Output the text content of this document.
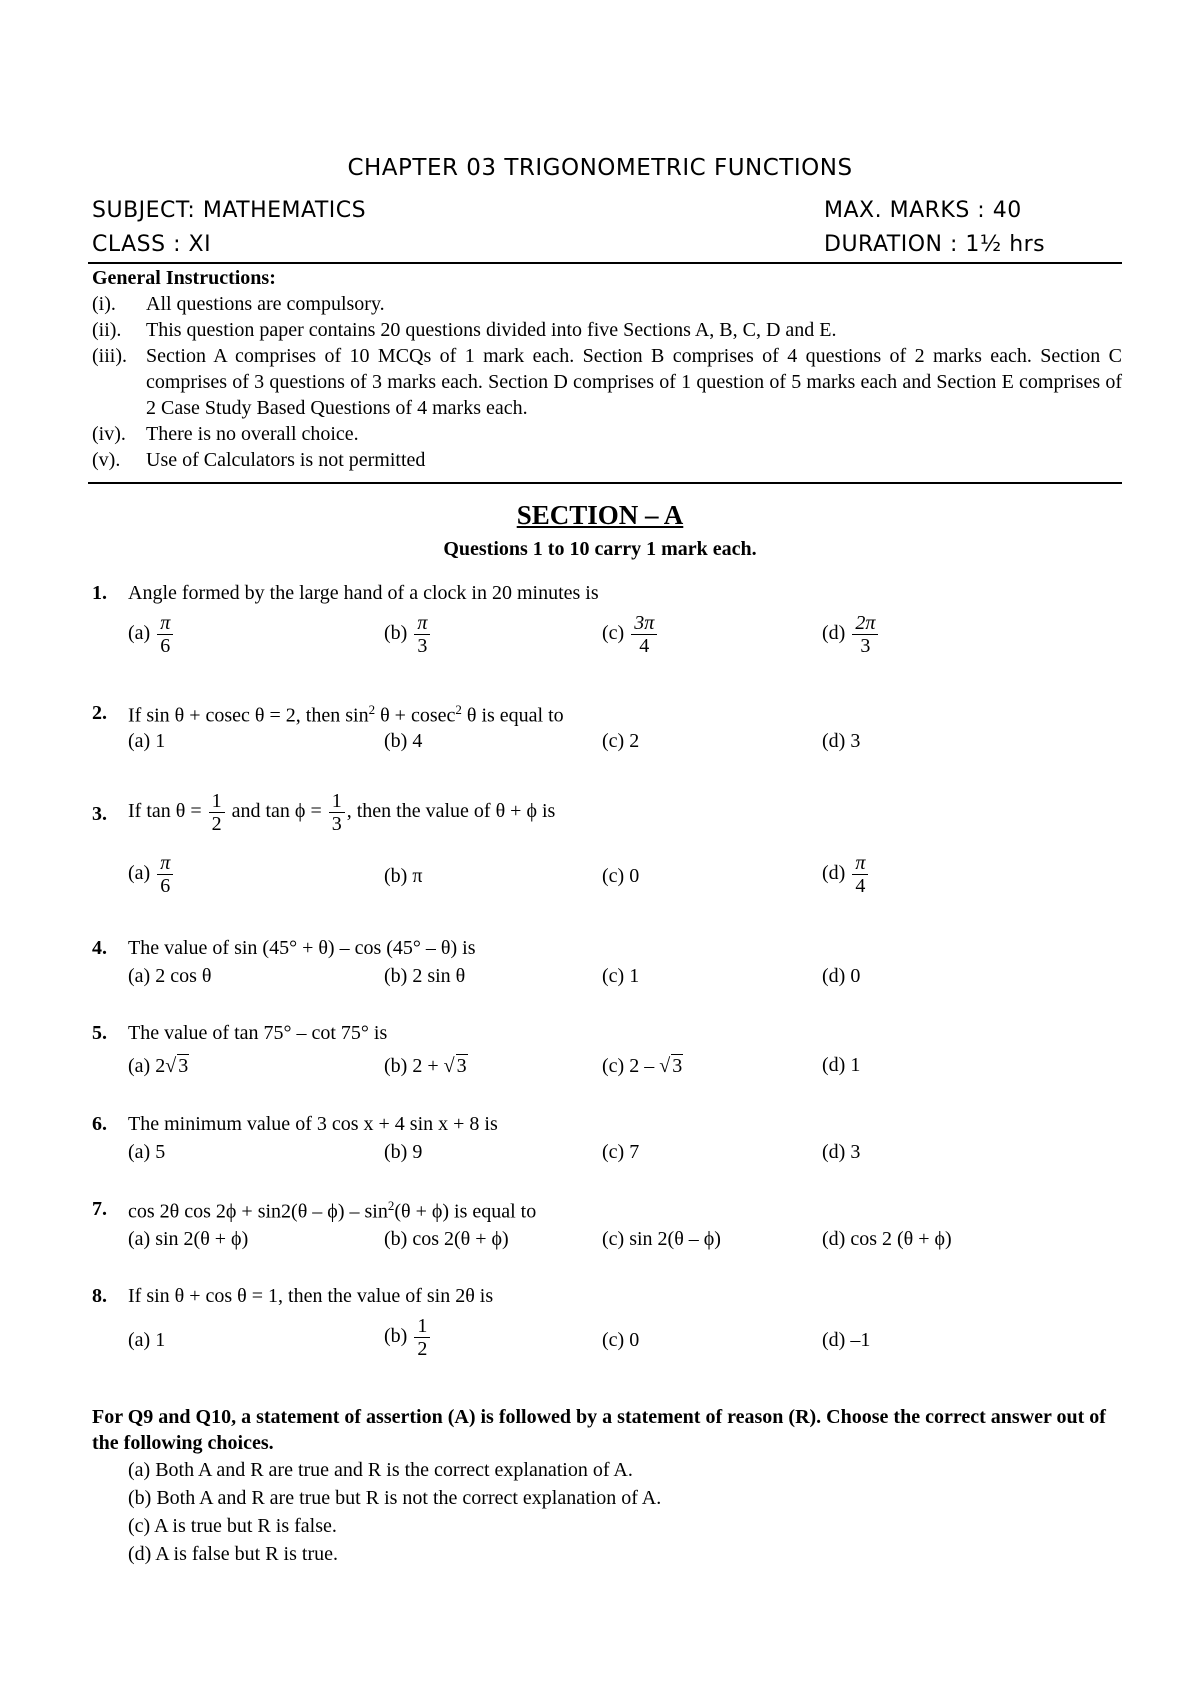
CHAPTER 03 TRIGONOMETRIC FUNCTIONS
SUBJECT: MATHEMATICS	MAX. MARKS : 40
CLASS : XI	DURATION : 1½ hrs
General Instructions:
(i).	All questions are compulsory.
(ii).	This question paper contains 20 questions divided into five Sections A, B, C, D and E.
(iii). Section A comprises of 10 MCQs of 1 mark each. Section B comprises of 4 questions of 2 marks each. Section C comprises of 3 questions of 3 marks each. Section D comprises of 1 question of 5 marks each and Section E comprises of 2 Case Study Based Questions of 4 marks each.
(iv).	There is no overall choice.
(v).	Use of Calculators is not permitted
SECTION – A
Questions 1 to 10 carry 1 mark each.
1. Angle formed by the large hand of a clock in 20 minutes is
$(a) \frac{\pi}{6}$	$(b) \frac{\pi}{3}$	$(c) \frac{3\pi}{4}$	$(d) \frac{2\pi}{3}$
2. If sin θ + cosec θ = 2, then $\sin^2 \theta + cosec^2$ θ is equal to
(a) 1	(b) 4	(c) 2	(d) 3
3. If $\tan \theta = \frac{1}{2}$ and $\tan \phi = \frac{1}{3}$ , then the value of θ + ϕ is
$(a) \frac{\pi}{6}$	(b) π	(c) 0	$(d) \frac{\pi}{4}$
4. The value of sin (45° + θ) – cos (45° – θ) is
(a) 2 cos θ	(b) 2 sin θ	(c) 1	(d) 0
5. The value of tan 75° – cot 75° is
(a) 2√ 3	(b) 2 + √ 3	(c) 2 – √ 3	(d) 1
6. The minimum value of 3 cos x + 4 sin x + 8 is
(a) 5	(b) 9	(c) 7	(d) 3
7. cos 2θ $\cos 2\phi + \sin 2(\theta - \phi) - \sin^2(\theta + \phi)$ is equal to
(a) sin 2(θ + ϕ)	(b) cos 2(θ + ϕ)	(c) sin 2(θ – ϕ)	(d) cos 2 (θ + ϕ)
8. If sin θ + cos θ = 1, then the value of sin 2θ is
(a) 1	$(b) \frac{1}{2}$	(c) 0	(d) –1
For Q9 and Q10, a statement of assertion (A) is followed by a statement of reason (R). Choose the correct answer out of the following choices.
(a) Both A and R are true and R is the correct explanation of A.
(b) Both A and R are true but R is not the correct explanation of A.
(c) A is true but R is false.
(d) A is false but R is true.
